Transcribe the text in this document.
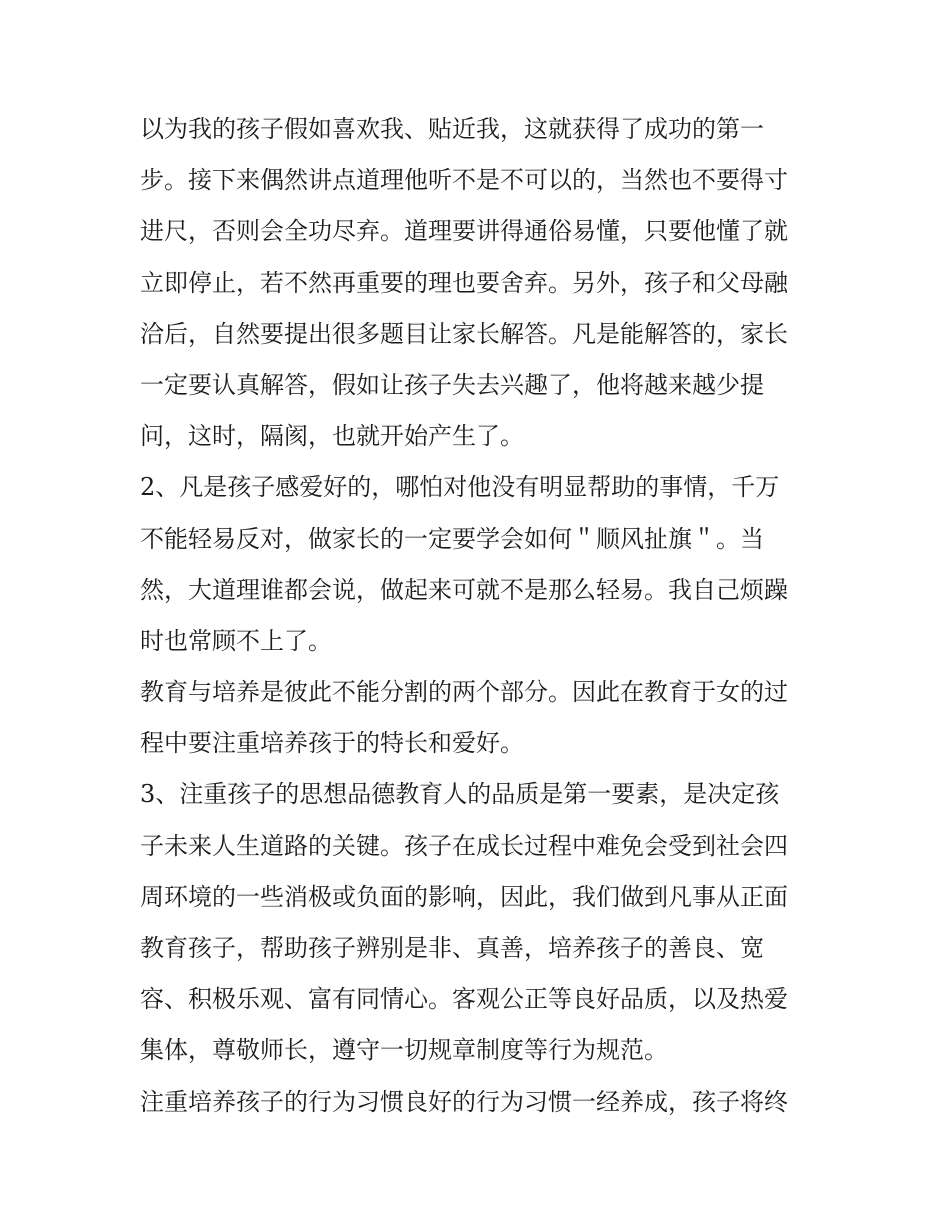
以为我的孩子假如喜欢我、贴近我，这就获得了成功的第一
步。接下来偶然讲点道理他听不是不可以的，当然也不要得寸
进尺，否则会全功尽弃。道理要讲得通俗易懂，只要他懂了就
立即停止，若不然再重要的理也要舍弃。另外，孩子和父母融
洽后，自然要提出很多题目让家长解答。凡是能解答的，家长
一定要认真解答，假如让孩子失去兴趣了，他将越来越少提
问，这时，隔阂，也就开始产生了。
2、凡是孩子感爱好的，哪怕对他没有明显帮助的事情，千万
不能轻易反对，做家长的一定要学会如何＂顺风扯旗＂。当
然，大道理谁都会说，做起来可就不是那么轻易。我自己烦躁
时也常顾不上了。
教育与培养是彼此不能分割的两个部分。因此在教育于女的过
程中要注重培养孩于的特长和爱好。
3、注重孩子的思想品德教育人的品质是第一要素，是决定孩
子未来人生道路的关键。孩子在成长过程中难免会受到社会四
周环境的一些消极或负面的影响，因此，我们做到凡事从正面
教育孩子，帮助孩子辨别是非、真善，培养孩子的善良、宽
容、积极乐观、富有同情心。客观公正等良好品质，以及热爱
集体，尊敬师长，遵守一切规章制度等行为规范。
注重培养孩子的行为习惯良好的行为习惯一经养成，孩子将终
